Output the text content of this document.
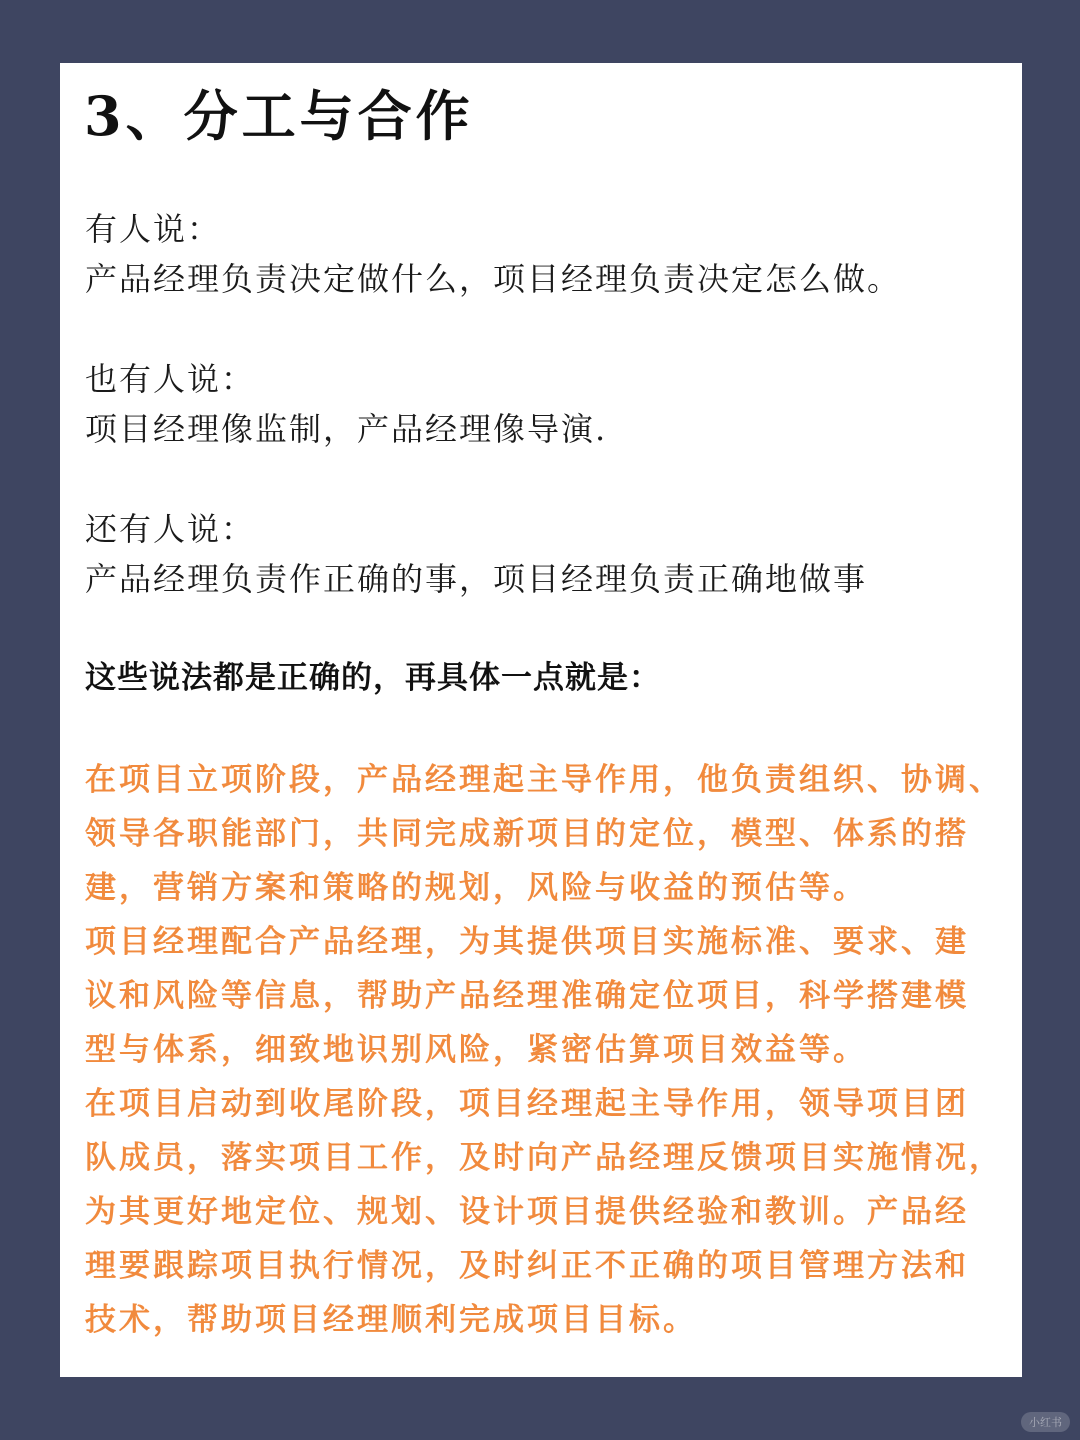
3、分工与合作

有人说：
产品经理负责决定做什么，项目经理负责决定怎么做。

也有人说：
项目经理像监制，产品经理像导演.

还有人说：
产品经理负责作正确的事，项目经理负责正确地做事

这些说法都是正确的，再具体一点就是：

在项目立项阶段，产品经理起主导作用，他负责组织、协调、
领导各职能部门，共同完成新项目的定位，模型、体系的搭
建，营销方案和策略的规划，风险与收益的预估等。
项目经理配合产品经理，为其提供项目实施标准、要求、建
议和风险等信息，帮助产品经理准确定位项目，科学搭建模
型与体系，细致地识别风险，紧密估算项目效益等。
在项目启动到收尾阶段，项目经理起主导作用，领导项目团
队成员，落实项目工作，及时向产品经理反馈项目实施情况，
为其更好地定位、规划、设计项目提供经验和教训。产品经
理要跟踪项目执行情况，及时纠正不正确的项目管理方法和
技术，帮助项目经理顺利完成项目目标。
小红书
